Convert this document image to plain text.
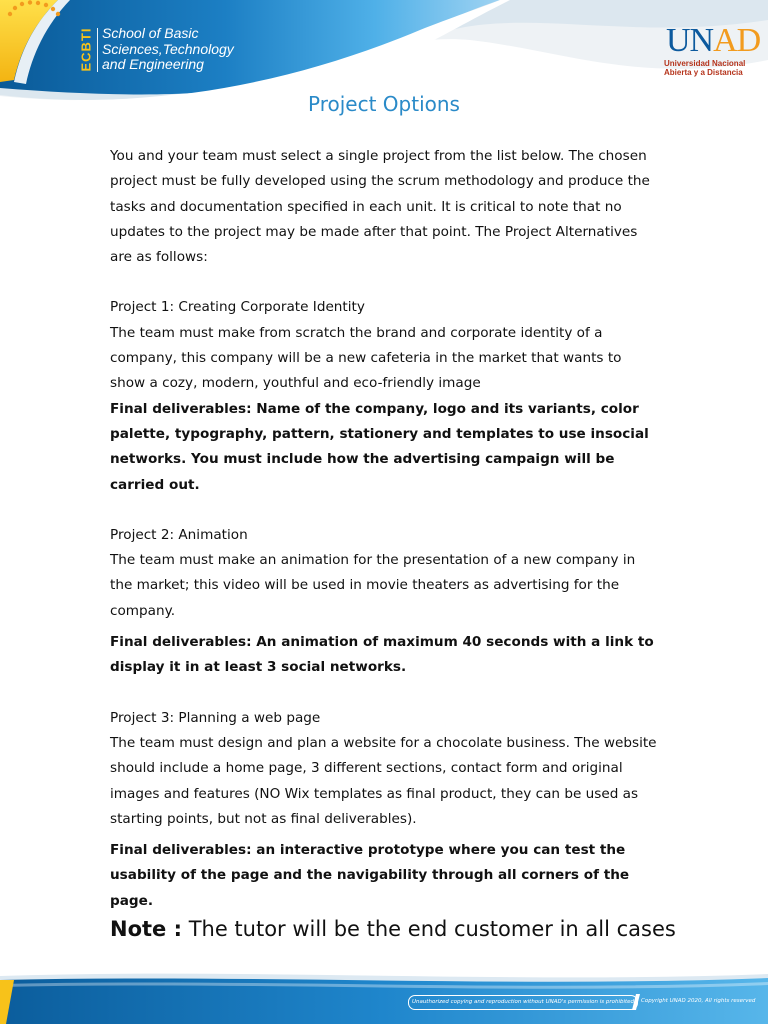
ECBTI School of Basic
Sciences,Technology
and Engineering
UNAD
Universidad Nacional
Abierta y a Distancia
Project Options

You and your team must select a single project from the list below. The chosen project must be fully developed using the scrum methodology and produce the tasks and documentation specified in each unit. It is critical to note that no updates to the project may be made after that point. The Project Alternatives are as follows:

Project 1: Creating Corporate Identity

The team must make from scratch the brand and corporate identity of a company, this company will be a new cafeteria in the market that wants to show a cozy, modern, youthful and eco-friendly image

Final deliverables: Name of the company, logo and its variants, color palette, typography, pattern, stationery and templates to use insocial networks. You must include how the advertising campaign will be carried out.

Project 2: Animation

The team must make an animation for the presentation of a new company in the market; this video will be used in movie theaters as advertising for the company.

Final deliverables: An animation of maximum 40 seconds with a link to display it in at least 3 social networks.

Project 3: Planning a web page

The team must design and plan a website for a chocolate business. The website should include a home page, 3 different sections, contact form and original images and features (NO Wix templates as final product, they can be used as starting points, but not as final deliverables).

Final deliverables: an interactive prototype where you can test the usability of the page and the navigability through all corners of the page.

Note : The tutor will be the end customer in all cases

Unauthorized copying and reproduction without UNAD's permission is prohibited	Copyright UNAD 2020, All rights reserved
